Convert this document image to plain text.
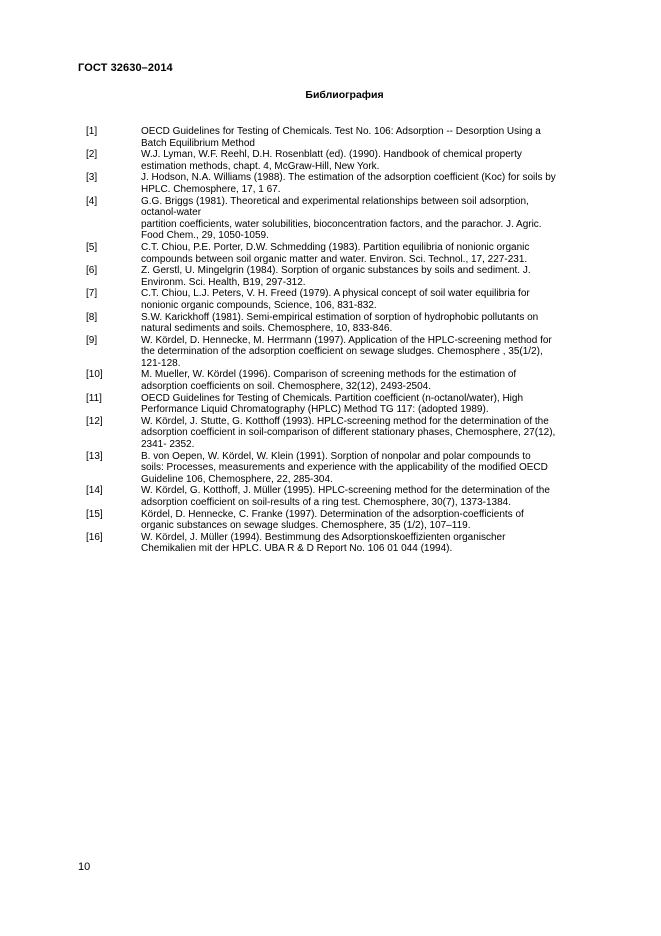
ГОСТ 32630–2014
Библиография
[1]	OECD Guidelines for Testing of Chemicals. Test No. 106: Adsorption -- Desorption Using a
Batch Equilibrium Method
[2]	W.J. Lyman, W.F. Reehl, D.H. Rosenblatt (ed). (1990). Handbook of chemical property
estimation methods, chapt. 4, McGraw-Hill, New York.
[3]	J. Hodson, N.A. Williams (1988). The estimation of the adsorption coefficient (Koc) for soils by
HPLC. Chemosphere, 17, 1 67.
[4]	G.G. Briggs (1981). Theoretical and experimental relationships between soil adsorption,
octanol-water
partition coefficients, water solubilities, bioconcentration factors, and the parachor. J. Agric.
Food Chem., 29, 1050-1059.
[5]	C.T. Chiou, P.E. Porter, D.W. Schmedding (1983). Partition equilibria of nonionic organic
compounds between soil organic matter and water. Environ. Sci. Technol., 17, 227-231.
[6]	Z. Gerstl, U. Mingelgrin (1984). Sorption of organic substances by soils and sediment. J.
Environm. Sci. Health, B19, 297-312.
[7]	C.T. Chiou, L.J. Peters, V. H. Freed (1979). A physical concept of soil water equilibria for
nonionic organic compounds, Science, 106, 831-832.
[8]	S.W. Karickhoff (1981). Semi-empirical estimation of sorption of hydrophobic pollutants on
natural sediments and soils. Chemosphere, 10, 833-846.
[9]	W. Kördel, D. Hennecke, M. Herrmann (1997). Application of the HPLC-screening method for
the determination of the adsorption coefficient on sewage sludges. Chemosphere , 35(1/2),
121-128.
[10]	M. Mueller, W. Kördel (1996). Comparison of screening methods for the estimation of
adsorption coefficients on soil. Chemosphere, 32(12), 2493-2504.
[11]	OECD Guidelines for Testing of Chemicals. Partition coefficient (n-octanol/water), High
Performance Liquid Chromatography (HPLC) Method TG 117: (adopted 1989).
[12]	W. Kördel, J. Stutte, G. Kotthoff (1993). HPLC-screening method for the determination of the
adsorption coefficient in soil-comparison of different stationary phases, Chemosphere, 27(12),
2341- 2352.
[13]	B. von Oepen, W. Kördel, W. Klein (1991). Sorption of nonpolar and polar compounds to
soils: Processes, measurements and experience with the applicability of the modified OECD
Guideline 106, Chemosphere, 22, 285-304.
[14]	W. Kördel, G. Kotthoff, J. Müller (1995). HPLC-screening method for the determination of the
adsorption coefficient on soil-results of a ring test. Chemosphere, 30(7), 1373-1384.
[15]	Kördel, D. Hennecke, C. Franke (1997). Determination of the adsorption-coefficients of
organic substances on sewage sludges. Chemosphere, 35 (1/2), 107–119.
[16]	W. Kördel, J. Müller (1994). Bestimmung des Adsorptionskoeffizienten organischer
Chemikalien mit der HPLC. UBA R & D Report No. 106 01 044 (1994).
10
